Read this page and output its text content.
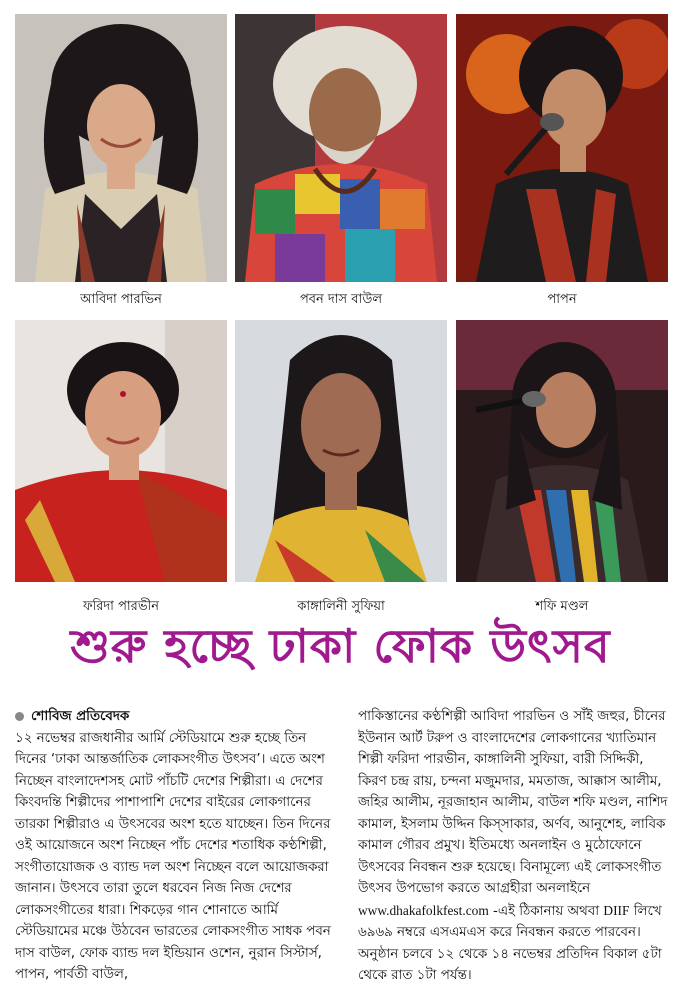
আবিদা পারভিন	পবন দাস বাউল	পাপন
ফরিদা পারভীন	কাঙ্গালিনী সুফিয়া	শফি মণ্ডল
শুরু হচ্ছে ঢাকা ফোক উৎসব

শোবিজ প্রতিবেদক

১২ নভেম্বর রাজধানীর আর্মি স্টেডিয়ামে শুরু হচ্ছে তিন দিনের ‘ঢাকা আন্তর্জাতিক লোকসংগীত উৎসব’। এতে অংশ নিচ্ছেন বাংলাদেশসহ মোট পাঁচটি দেশের শিল্পীরা। এ দেশের কিংবদন্তি শিল্পীদের পাশাপাশি দেশের বাইরের লোকগানের তারকা শিল্পীরাও এ উৎসবের অংশ হতে যাচ্ছেন। তিন দিনের ওই আয়োজনে অংশ নিচ্ছেন পাঁচ দেশের শতাধিক কণ্ঠশিল্পী, সংগীতায়োজক ও ব্যান্ড দল অংশ নিচ্ছেন বলে আয়োজকরা জানান। উৎসবে তারা তুলে ধরবেন নিজ নিজ দেশের লোকসংগীতের ধারা। শিকড়ের গান শোনাতে আর্মি স্টেডিয়ামের মঞ্চে উঠবেন ভারতের লোকসংগীত সাধক পবন দাস বাউল, ফোক ব্যান্ড দল ইন্ডিয়ান ওশেন, নুরান সিস্টার্স, পাপন, পার্বতী বাউল,

পাকিস্তানের কণ্ঠশিল্পী আবিদা পারভিন ও সাঁই জহুর, চীনের ইউনান আর্ট টরুপ ও বাংলাদেশের লোকগানের খ্যাতিমান শিল্পী ফরিদা পারভীন, কাঙ্গালিনী সুফিয়া, বারী সিদ্দিকী, কিরণ চন্দ্র রায়, চন্দনা মজুমদার, মমতাজ, আক্কাস আলীম, জহির আলীম, নূরজাহান আলীম, বাউল শফি মণ্ডল, নাশিদ কামাল, ইসলাম উদ্দিন কিস্সাকার, অর্ণব, আনুশেহ, লাবিক কামাল গৌরব প্রমুখ। ইতিমধ্যে অনলাইন ও মুঠোফোনে উৎসবের নিবন্ধন শুরু হয়েছে। বিনামূল্যে এই লোকসংগীত উৎসব উপভোগ করতে আগ্রহীরা অনলাইনে www.dhakafolkfest.com -এই ঠিকানায় অথবা DIIF লিখে ৬৯৬৯ নম্বরে এসএমএস করে নিবন্ধন করতে পারবেন। অনুষ্ঠান চলবে ১২ থেকে ১৪ নভেম্বর প্রতিদিন বিকাল ৫টা থেকে রাত ১টা পর্যন্ত।
